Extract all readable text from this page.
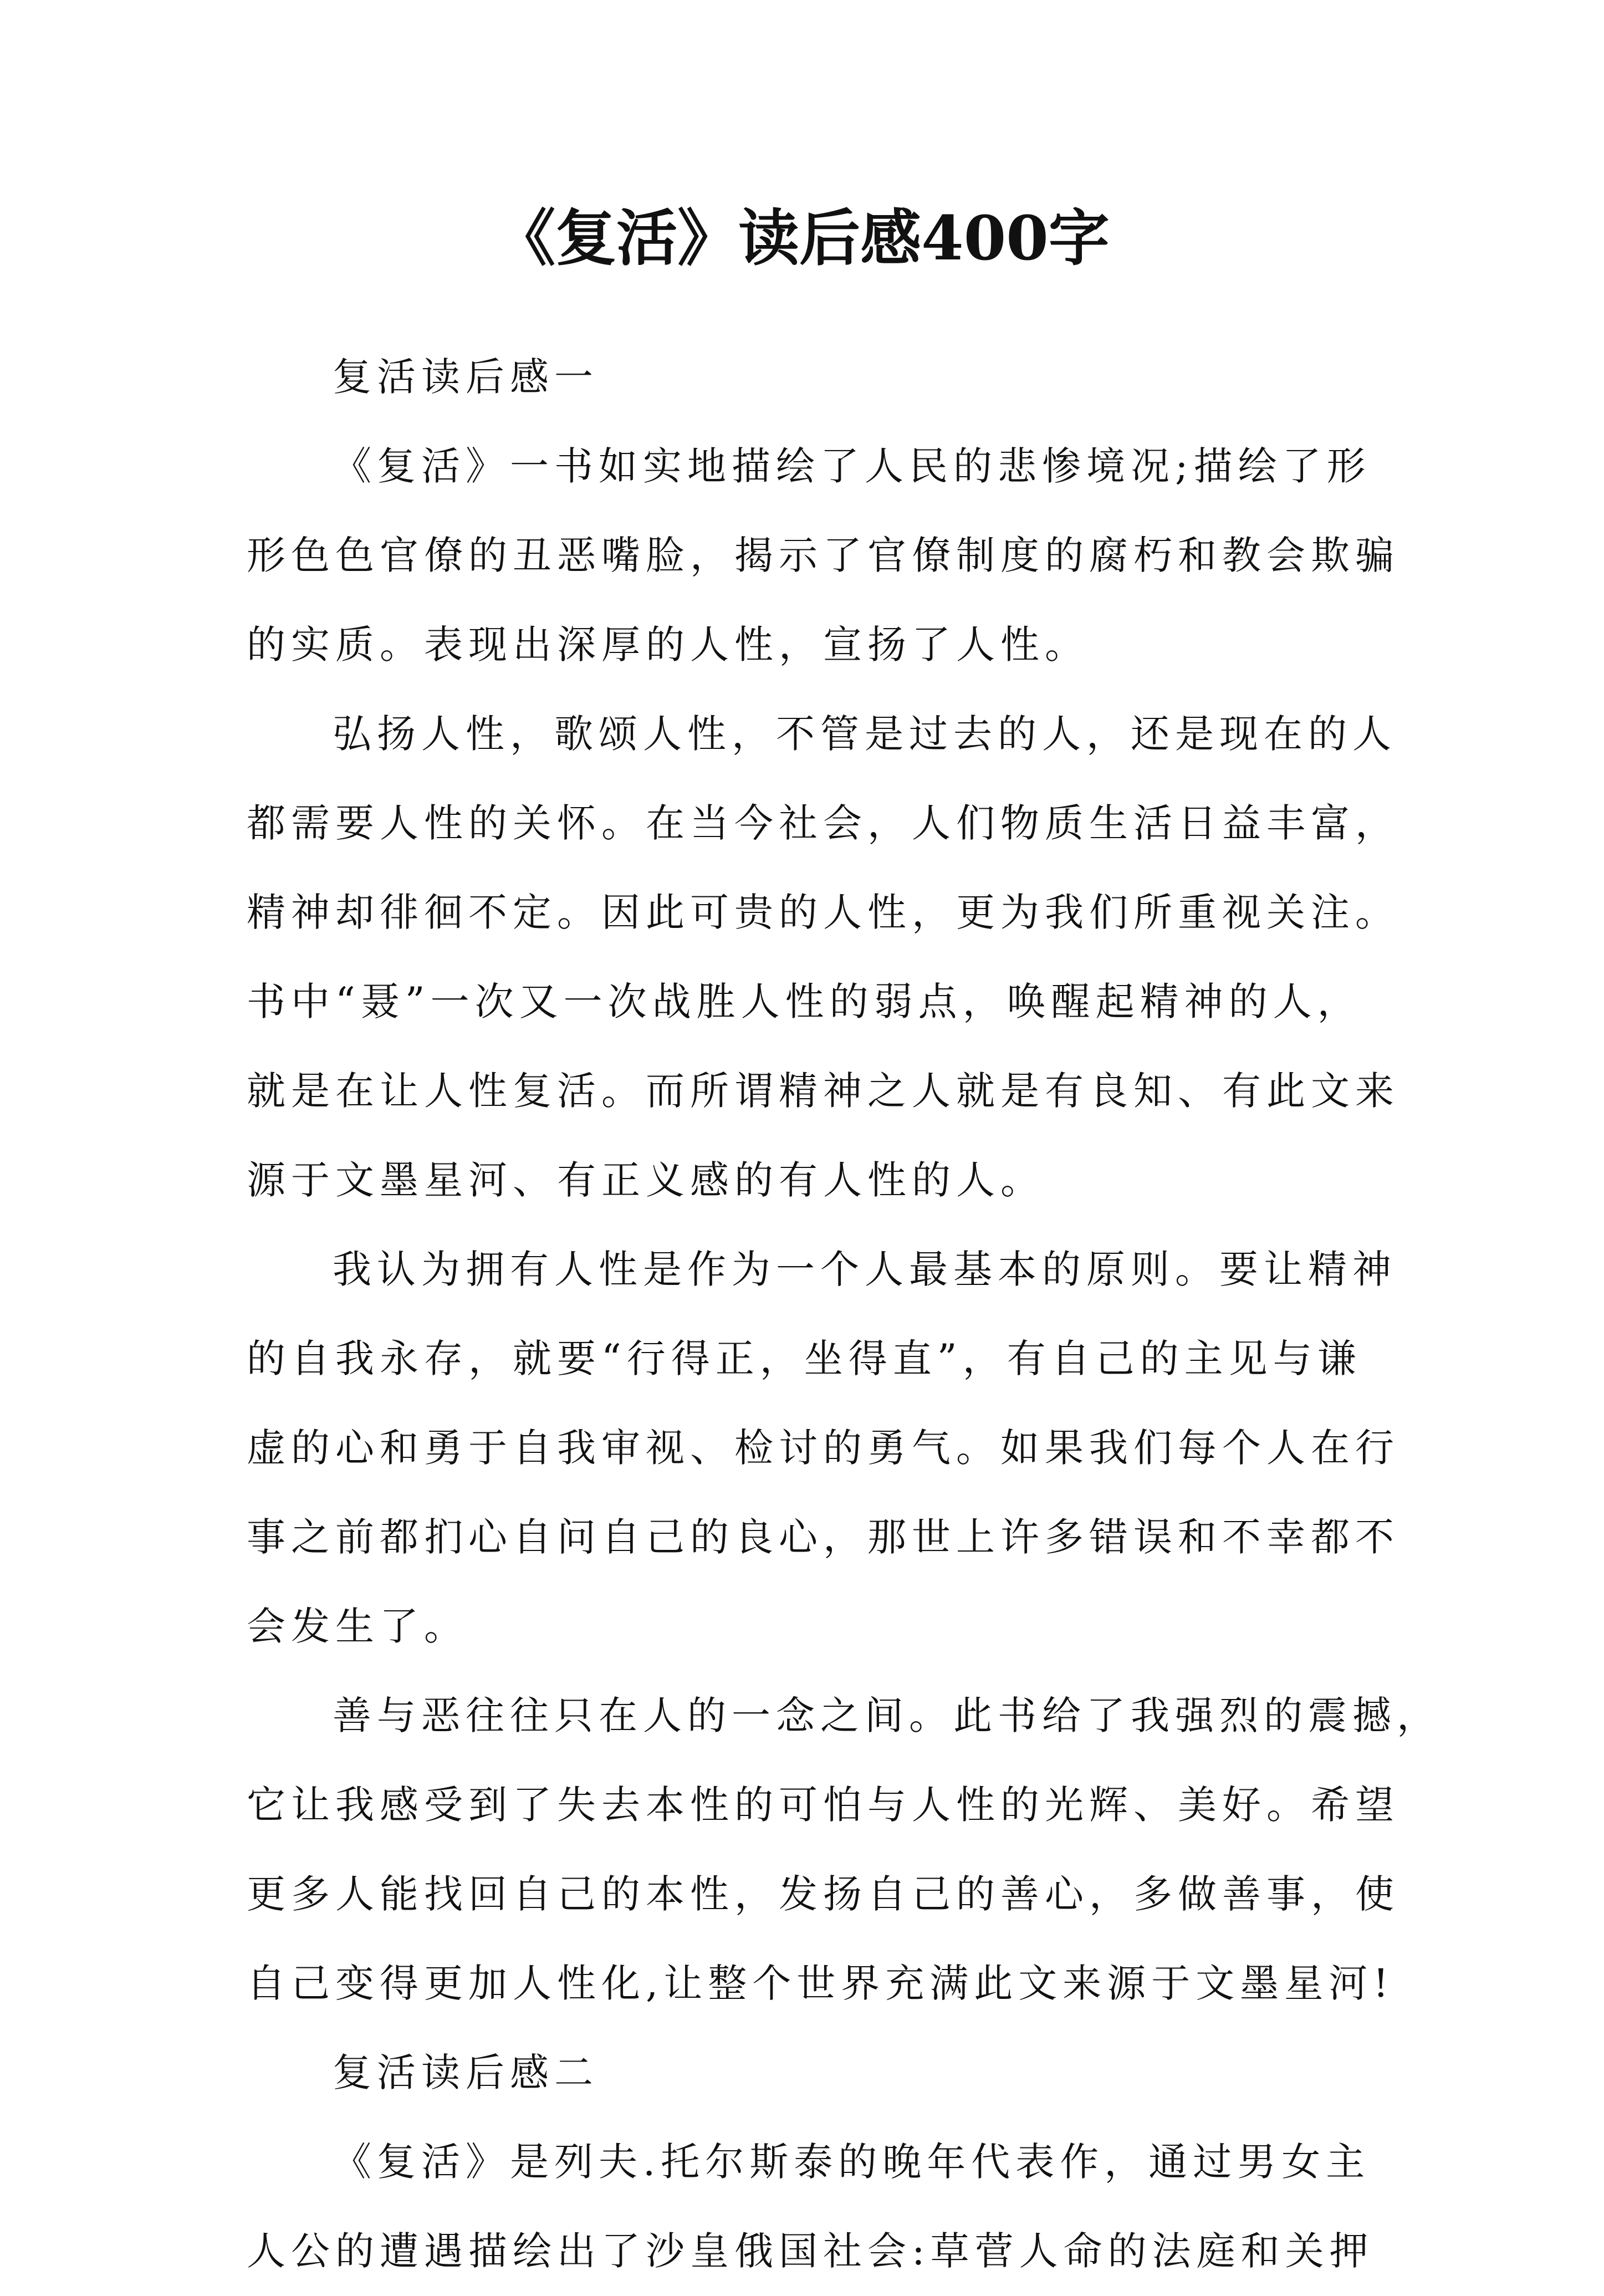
《复活》读后感400字
复活读后感一
《复活》一书如实地描绘了人民的悲惨境况;描绘了形
形色色官僚的丑恶嘴脸，揭示了官僚制度的腐朽和教会欺骗
的实质。表现出深厚的人性，宣扬了人性。
弘扬人性，歌颂人性，不管是过去的人，还是现在的人
都需要人性的关怀。在当今社会，人们物质生活日益丰富，
精神却徘徊不定。因此可贵的人性，更为我们所重视关注。
书中“聂”一次又一次战胜人性的弱点，唤醒起精神的人，
就是在让人性复活。而所谓精神之人就是有良知、有此文来
源于文墨星河、有正义感的有人性的人。
我认为拥有人性是作为一个人最基本的原则。要让精神
的自我永存，就要“行得正，坐得直”，有自己的主见与谦
虚的心和勇于自我审视、检讨的勇气。如果我们每个人在行
事之前都扪心自问自己的良心，那世上许多错误和不幸都不
会发生了。
善与恶往往只在人的一念之间。此书给了我强烈的震撼，
它让我感受到了失去本性的可怕与人性的光辉、美好。希望
更多人能找回自己的本性，发扬自己的善心，多做善事，使
自己变得更加人性化,让整个世界充满此文来源于文墨星河!
复活读后感二
《复活》是列夫.托尔斯泰的晚年代表作，通过男女主
人公的遭遇描绘出了沙皇俄国社会:草菅人命的法庭和关押
